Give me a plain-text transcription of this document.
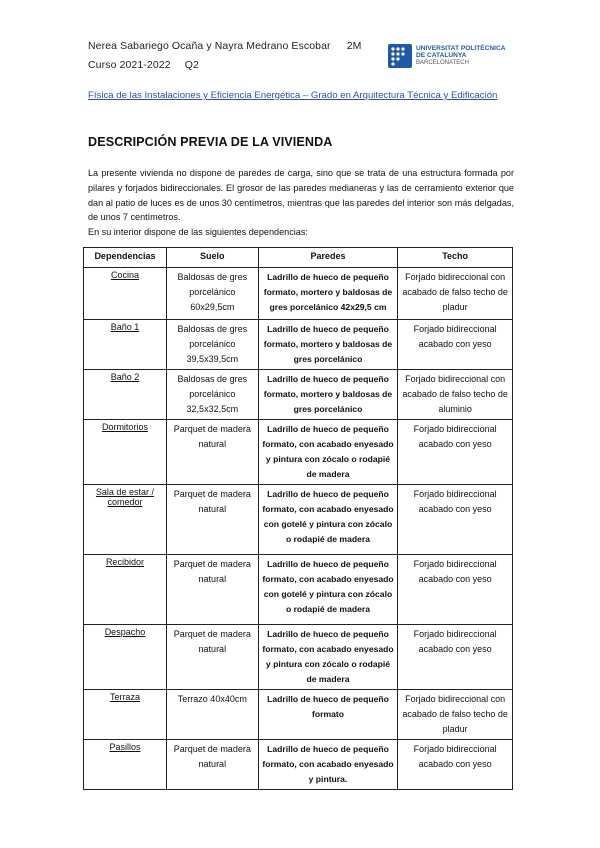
Nerea Sabariego Ocaña y Nayra Medrano Escobar 2M
Curso 2021-2022 Q2
UNIVERSITAT POLITÈCNICA
DE CATALUNYA
BARCELONATECH
Física de las Instalaciones y Eficiencia Energética – Grado en Arquitectura Técnica y Edificación
DESCRIPCIÓN PREVIA DE LA VIVIENDA

La presente vivienda no dispone de paredes de carga, sino que se trata de una estructura formada por pilares y forjados bidireccionales. El grosor de las paredes medianeras y las de cerramiento exterior que dan al patio de luces es de unos 30 centímetros, mientras que las paredes del interior son más delgadas, de unos 7 centímetros.

En su interior dispone de las siguientes dependencias:

Dependencias	Suelo	Paredes	Techo
Cocina	Baldosas de gres porcelánico 60x29,5cm	Ladrillo de hueco de pequeño formato, mortero y baldosas de gres porcelánico 42x29,5 cm	Forjado bidireccional con acabado de falso techo de pladur
Baño 1	Baldosas de gres porcelánico 39,5x39,5cm	Ladrillo de hueco de pequeño formato, mortero y baldosas de gres porcelánico	Forjado bidireccional acabado con yeso
Baño 2	Baldosas de gres porcelánico 32,5x32,5cm	Ladrillo de hueco de pequeño formato, mortero y baldosas de gres porcelánico	Forjado bidireccional con acabado de falso techo de aluminio
Dormitorios	Parquet de madera natural	Ladrillo de hueco de pequeño formato, con acabado enyesado y pintura con zócalo o rodapié de madera	Forjado bidireccional acabado con yeso
Sala de estar / comedor	Parquet de madera natural	Ladrillo de hueco de pequeño formato, con acabado enyesado con gotelé y pintura con zócalo o rodapié de madera	Forjado bidireccional acabado con yeso
Recibidor	Parquet de madera natural	Ladrillo de hueco de pequeño formato, con acabado enyesado con gotelé y pintura con zócalo o rodapié de madera	Forjado bidireccional acabado con yeso
Despacho	Parquet de madera natural	Ladrillo de hueco de pequeño formato, con acabado enyesado y pintura con zócalo o rodapié de madera	Forjado bidireccional acabado con yeso
Terraza	Terrazo 40x40cm	Ladrillo de hueco de pequeño formato	Forjado bidireccional con acabado de falso techo de pladur
Pasillos	Parquet de madera natural	Ladrillo de hueco de pequeño formato, con acabado enyesado y pintura.	Forjado bidireccional acabado con yeso
